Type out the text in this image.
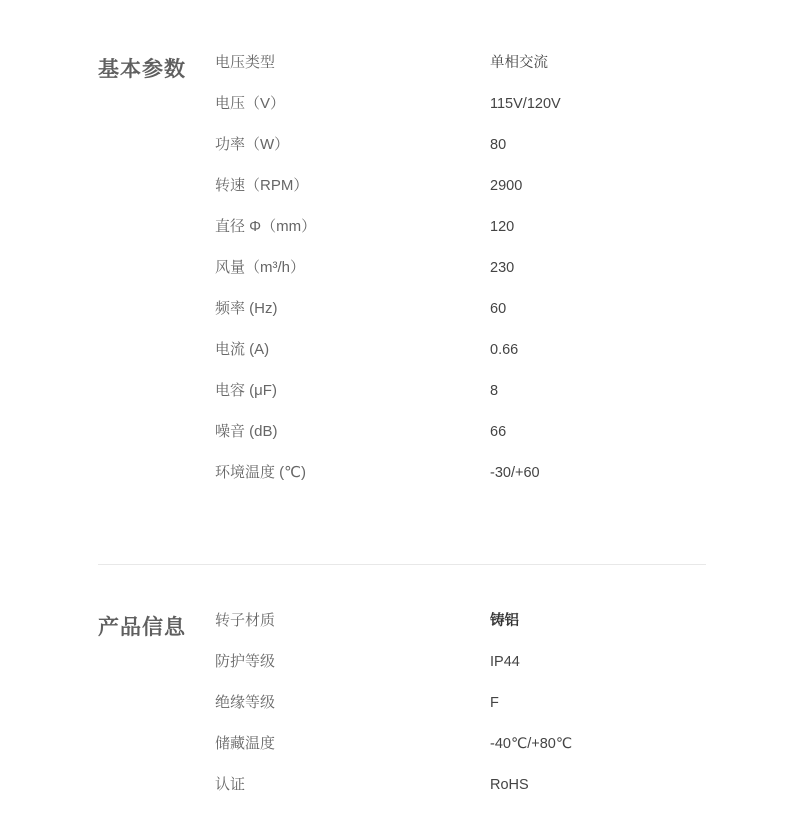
基本参数	电压类型	单相交流
电压（V）	115V/120V
功率（W）	80
转速（RPM）	2900
直径 Φ（mm）	120
风量（m³/h）	230
频率 (Hz)	60
电流 (A)	0.66
电容 (μF)	8
噪音 (dB)	66
环境温度 (℃)	-30/+60
产品信息	转子材质	铸铝
防护等级	IP44
绝缘等级	F
储藏温度	-40℃/+80℃
认证	RoHS
